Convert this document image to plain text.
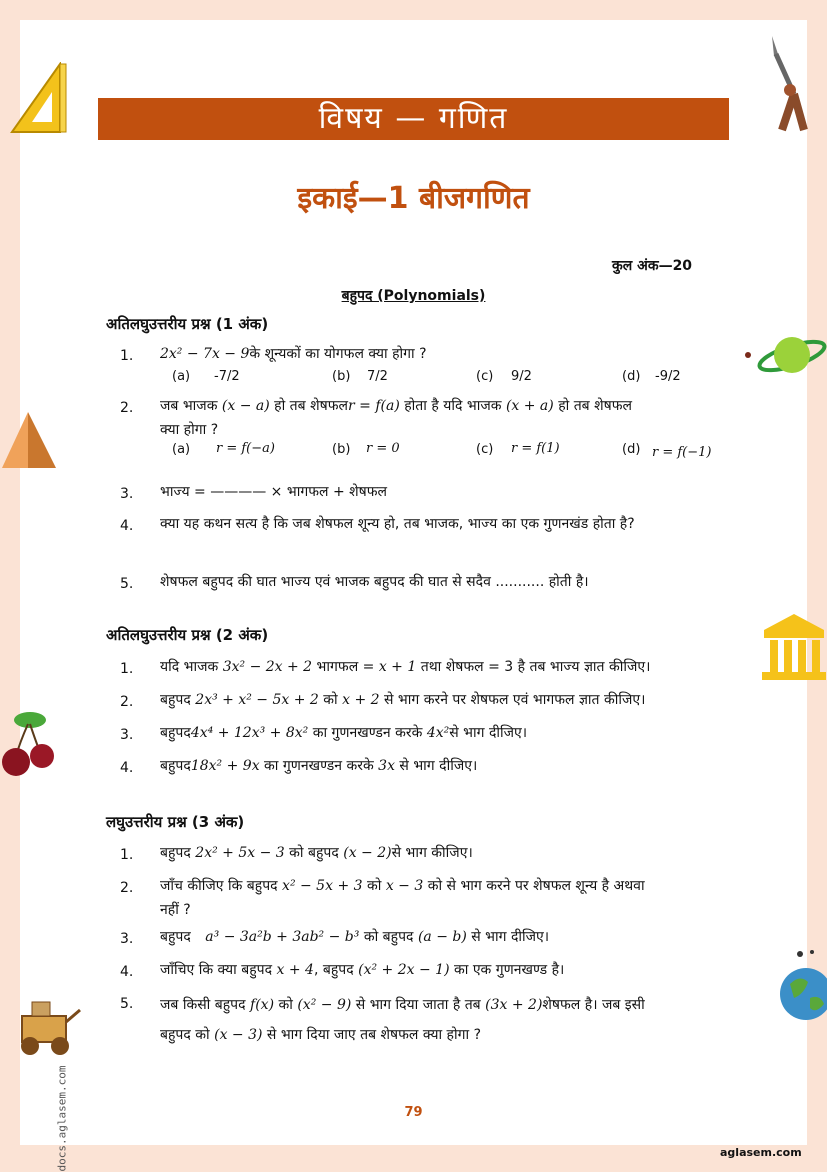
docs.aglasem.com
विषय — गणित
इकाई—1 बीजगणित
कुल अंक—20
बहुपद (Polynomials)
अतिलघुउत्तरीय प्रश्न (1 अंक)
1. 2x² − 7x − 9के शून्यकों का योगफल क्या होगा ?
(a) -7/2	(b) 7/2	(c) 9/2	(d) -9/2
2. जब भाजक (x − a) हो तब शेषफलr = f(a) होता है यदि भाजक (x + a) हो तब शेषफल
क्या होगा ?
(a) r = f(−a)	(b) r = 0	(c) r = f(1)	(d) r = f(−1)
3. भाज्य = ———— × भागफल + शेषफल
4. क्या यह कथन सत्य है कि जब शेषफल शून्य हो, तब भाजक, भाज्य का एक गुणनखंड होता है?
5. शेषफल बहुपद की घात भाज्य एवं भाजक बहुपद की घात से सदैव ........... होती है।
अतिलघुउत्तरीय प्रश्न (2 अंक)
1. यदि भाजक 3x² − 2x + 2 भागफल = x + 1 तथा शेषफल = 3 है तब भाज्य ज्ञात कीजिए।
2. बहुपद 2x³ + x² − 5x + 2 को x + 2 से भाग करने पर शेषफल एवं भागफल ज्ञात कीजिए।
3. बहुपद4x⁴ + 12x³ + 8x² का गुणनखण्डन करके 4x²से भाग दीजिए।
4. बहुपद18x² + 9x का गुणनखण्डन करके 3x से भाग दीजिए।
लघुउत्तरीय प्रश्न (3 अंक)
1. बहुपद 2x² + 5x − 3 को बहुपद (x − 2)से भाग कीजिए।
2. जाँच कीजिए कि बहुपद x² − 5x + 3 को x − 3 को से भाग करने पर शेषफल शून्य है अथवा
नहीं ?
3. बहुपद a³ − 3a²b + 3ab² − b³ को बहुपद (a − b) से भाग दीजिए।
4. जाँचिए कि क्या बहुपद x + 4, बहुपद (x² + 2x − 1) का एक गुणनखण्ड है।
5. जब किसी बहुपद f(x) को (x² − 9) से भाग दिया जाता है तब (3x + 2)शेषफल है। जब इसी
बहुपद को (x − 3) से भाग दिया जाए तब शेषफल क्या होगा ?
79
aglasem.com
